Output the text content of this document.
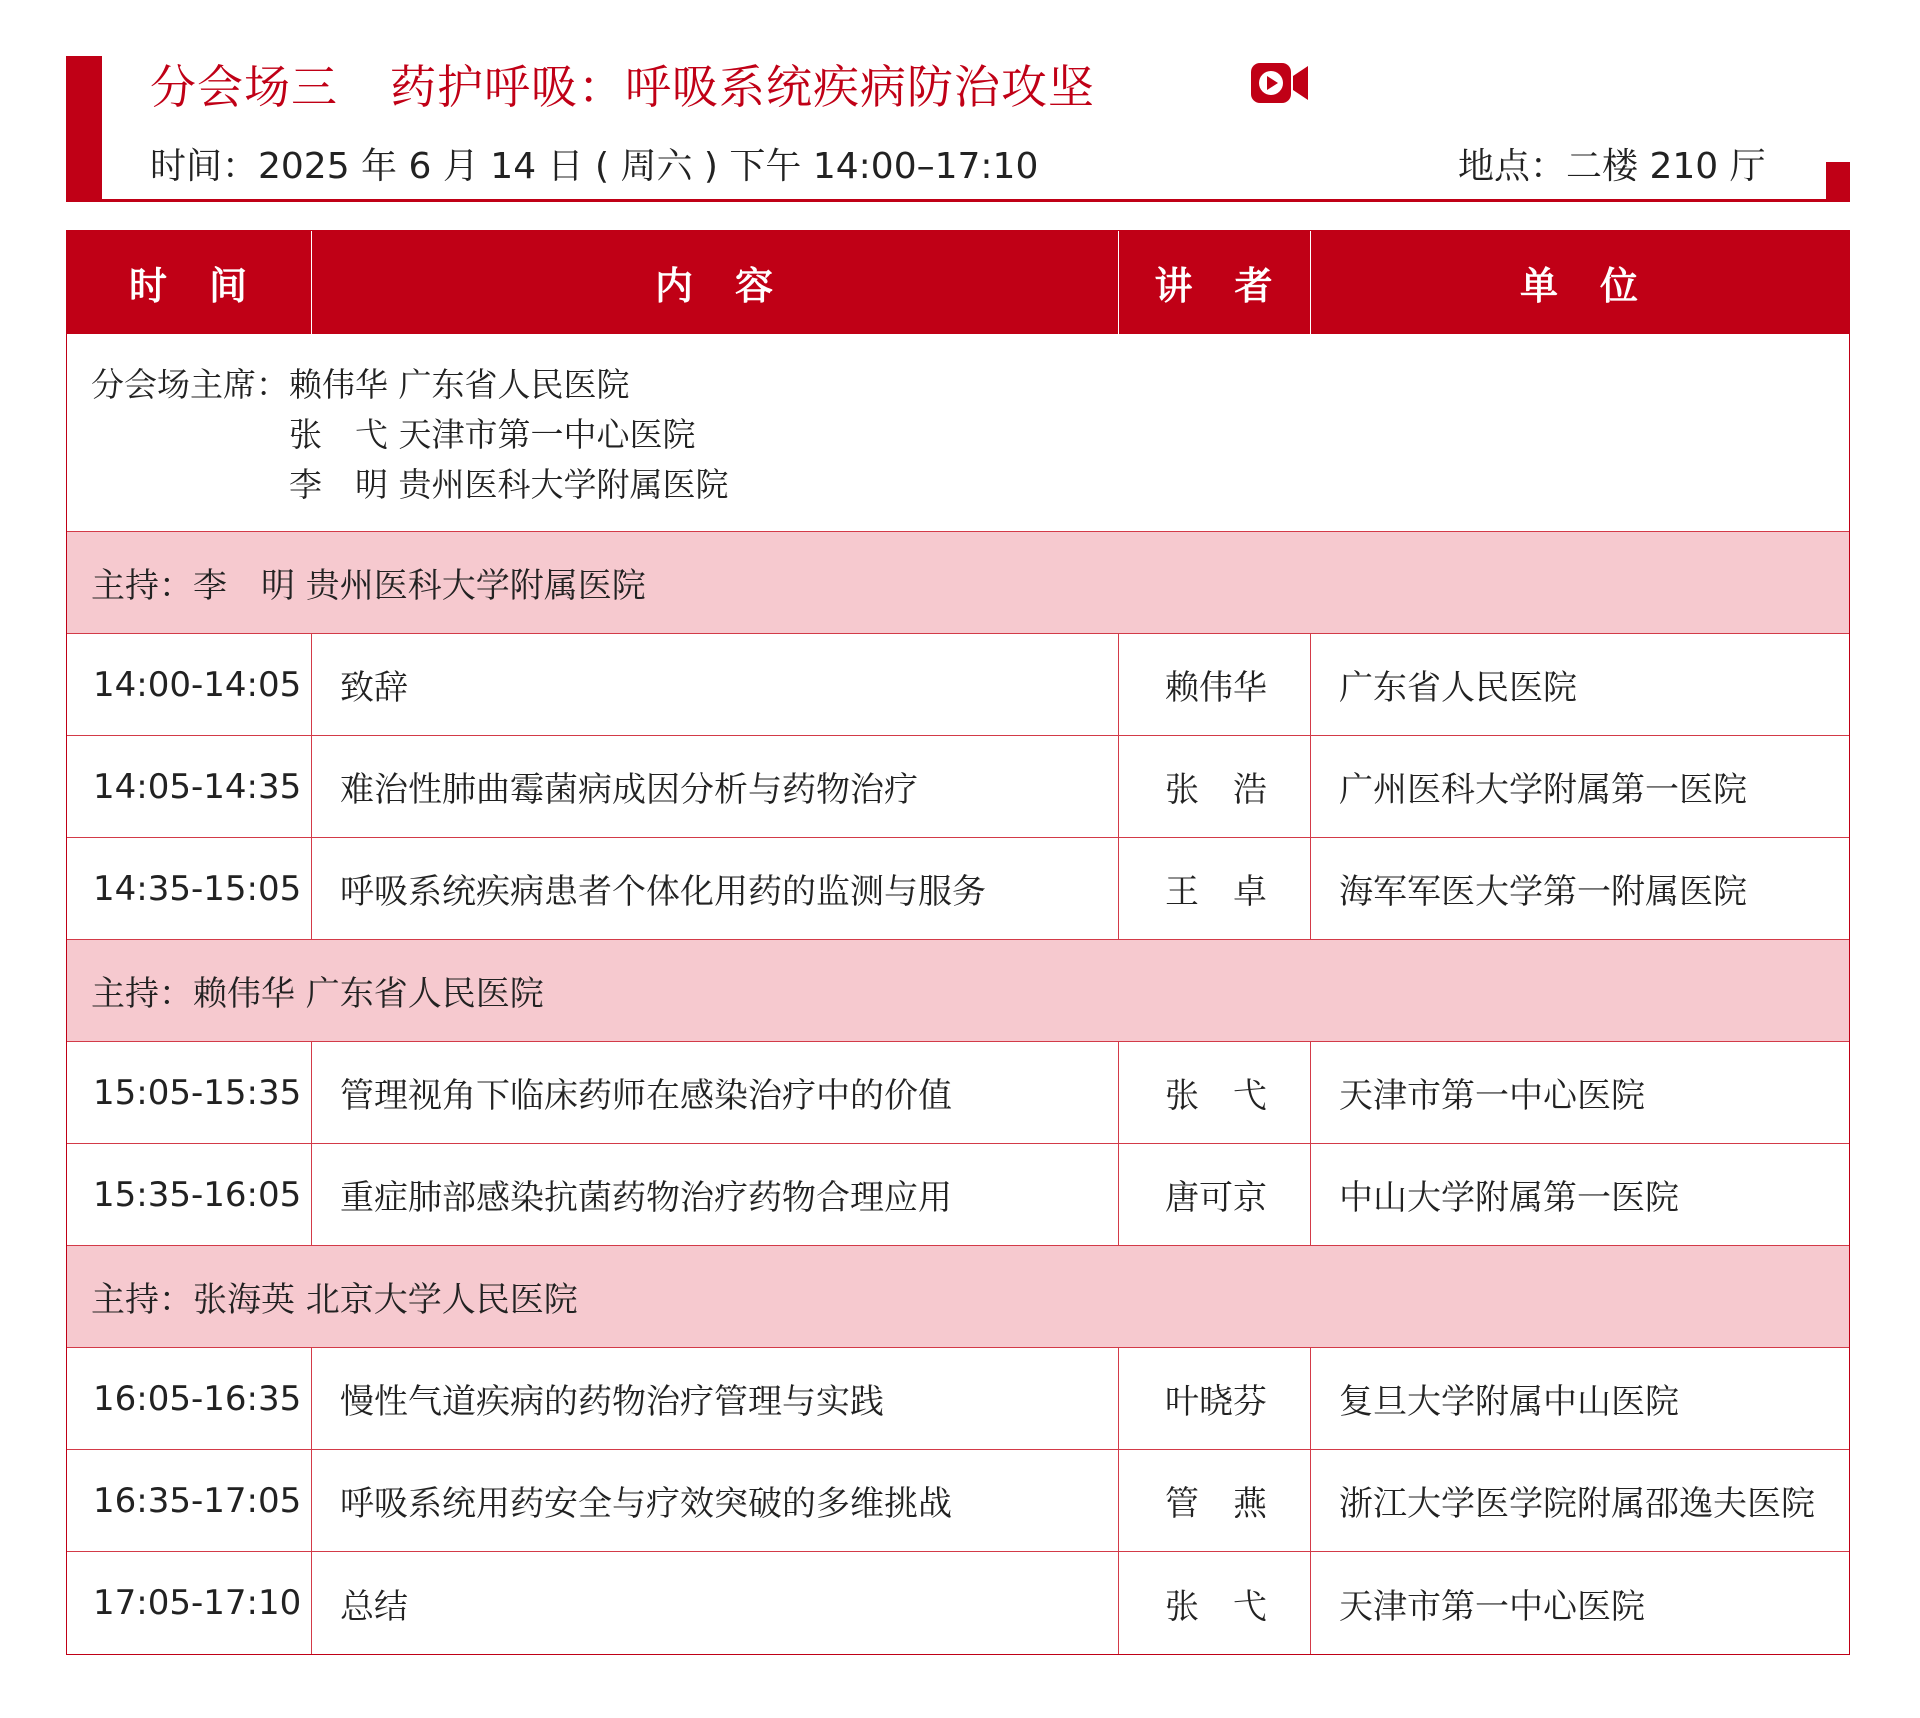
分会场三 药护呼吸：呼吸系统疾病防治攻坚
时间：2025 年 6 月 14 日 ( 周六 ) 下午 14:00–17:10	地点：二楼 210 厅
时　间	内　容	讲　者	单　位
分会场主席： 赖伟华 广东省人民医院
张　弋 天津市第一中心医院
李　明 贵州医科大学附属医院
主持：李　明 贵州医科大学附属医院
14:00-14:05	致辞	赖伟华	广东省人民医院
14:05-14:35	难治性肺曲霉菌病成因分析与药物治疗	张　浩	广州医科大学附属第一医院
14:35-15:05	呼吸系统疾病患者个体化用药的监测与服务	王　卓	海军军医大学第一附属医院
主持：赖伟华 广东省人民医院
15:05-15:35	管理视角下临床药师在感染治疗中的价值	张　弋	天津市第一中心医院
15:35-16:05	重症肺部感染抗菌药物治疗药物合理应用	唐可京	中山大学附属第一医院
主持：张海英 北京大学人民医院
16:05-16:35	慢性气道疾病的药物治疗管理与实践	叶晓芬	复旦大学附属中山医院
16:35-17:05	呼吸系统用药安全与疗效突破的多维挑战	管　燕	浙江大学医学院附属邵逸夫医院
17:05-17:10	总结	张　弋	天津市第一中心医院
